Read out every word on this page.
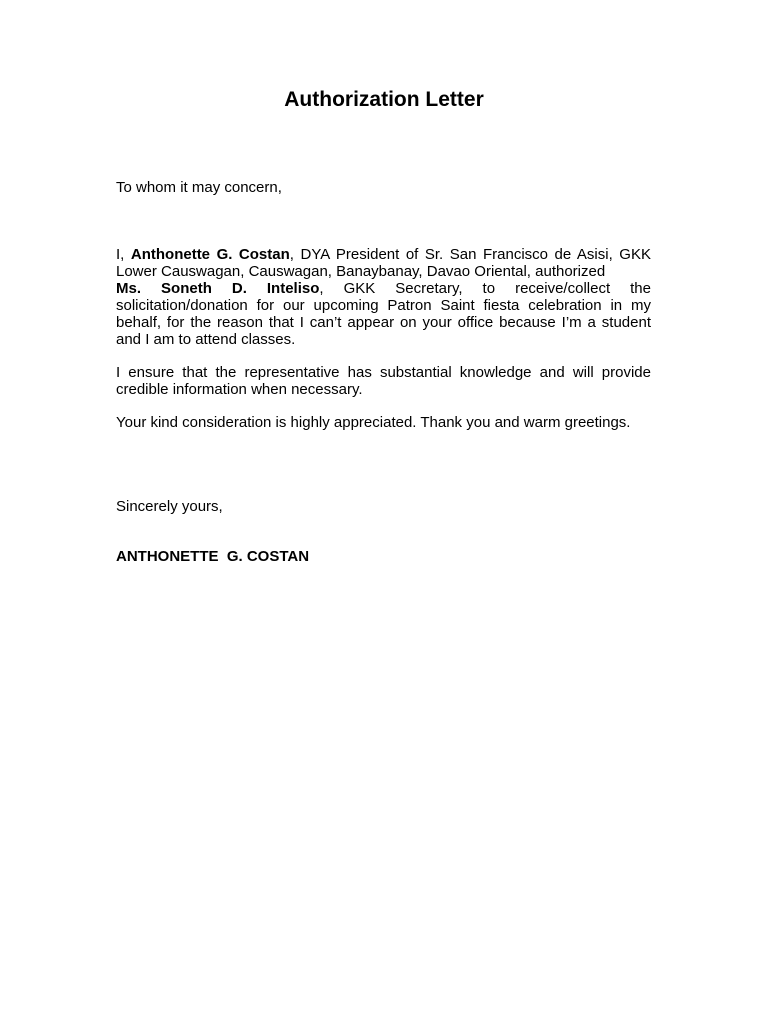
Authorization Letter

To whom it may concern,

I, Anthonette G. Costan, DYA President of Sr. San Francisco de Asisi, GKK
Lower Causwagan, Causwagan, Banaybanay, Davao Oriental, authorized
Ms. Soneth D. Inteliso, GKK Secretary, to receive/collect the
solicitation/donation for our upcoming Patron Saint fiesta celebration in my
behalf, for the reason that I can’t appear on your office because I’m a student
and I am to attend classes.
I ensure that the representative has substantial knowledge and will provide
credible information when necessary.

Your kind consideration is highly appreciated. Thank you and warm greetings.

Sincerely yours,

ANTHONETTE  G. COSTAN
